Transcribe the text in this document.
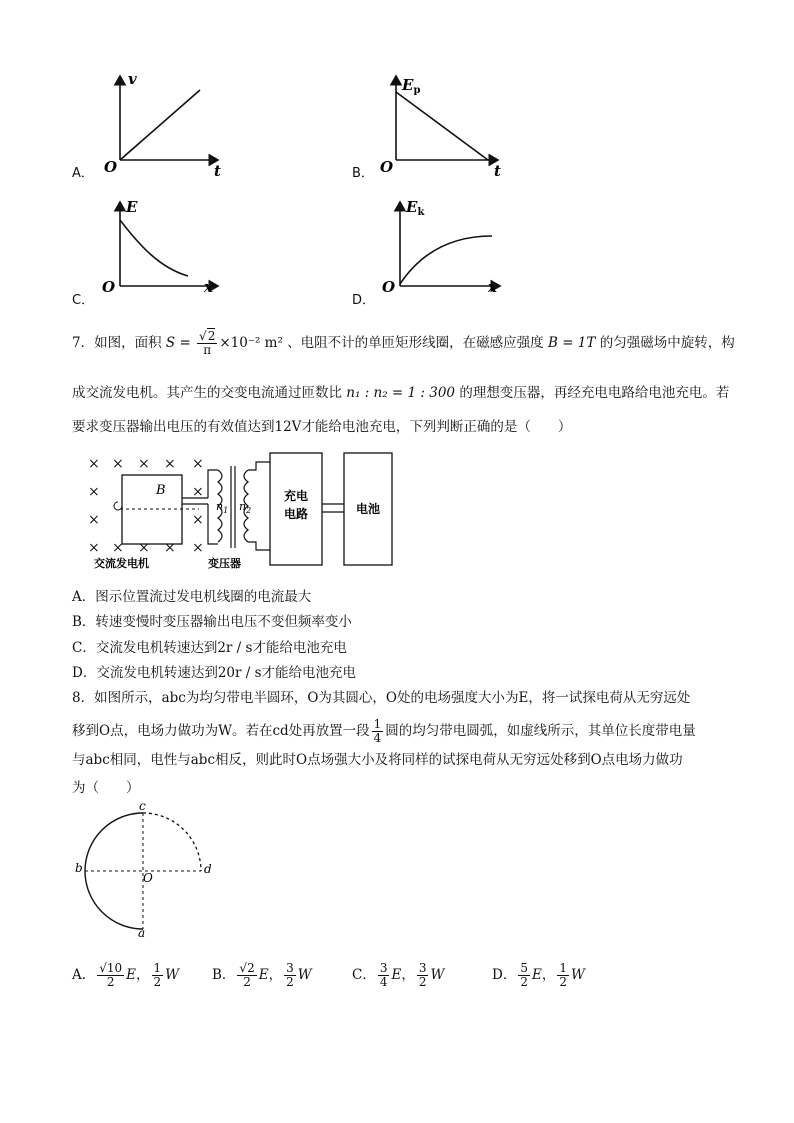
A．
v
t
O	B．
$E_p$
t
O
C．
E
x
O
D．
$E_k$
x
O
7．如图，面积 $S = \frac{√2}{\pi} \times 10^{-2}$ m² 、电阻不计的单匝矩形线圈，在磁感应强度 B = 1T 的匀强磁场中旋转，构
成交流发电机。其产生的交变电流通过匝数比 n₁ : n₂ = 1 : 300 的理想变压器，再经充电电路给电池充电。若
要求变压器输出电压的有效值达到12V才能给电池充电，下列判断正确的是（　　）
× × × × ×
×	×
×	×
× × × × ×
B
$n_1$ $n_2$
充电
电路	电池
交流发电机	变压器
A．图示位置流过发电机线圈的电流最大
B．转速变慢时变压器输出电压不变但频率变小
C．交流发电机转速达到2r / s才能给电池充电
D．交流发电机转速达到20r / s才能给电池充电
8．如图所示，abc为均匀带电半圆环，O为其圆心，O处的电场强度大小为E，将一试探电荷从无穷远处
移到O点，电场力做功为W。若在cd处再放置一段 $\frac{1}{4}$ 圆的均匀带电圆弧，如虚线所示，其单位长度带电量
与abc相同，电性与abc相反，则此时O点场强大小及将同样的试探电荷从无穷远处移到O点电场力做功
为（　　）
c
b	d
a
O
A． $\frac{√10}{2}$ E， $\frac{1}{2}$ W B． $\frac{√2}{2}$ E， $\frac{3}{2}$ W	C． $\frac{3}{4}$ E， $\frac{3}{2}$ W	D． $\frac{5}{2}$ E， $\frac{1}{2}$ W
